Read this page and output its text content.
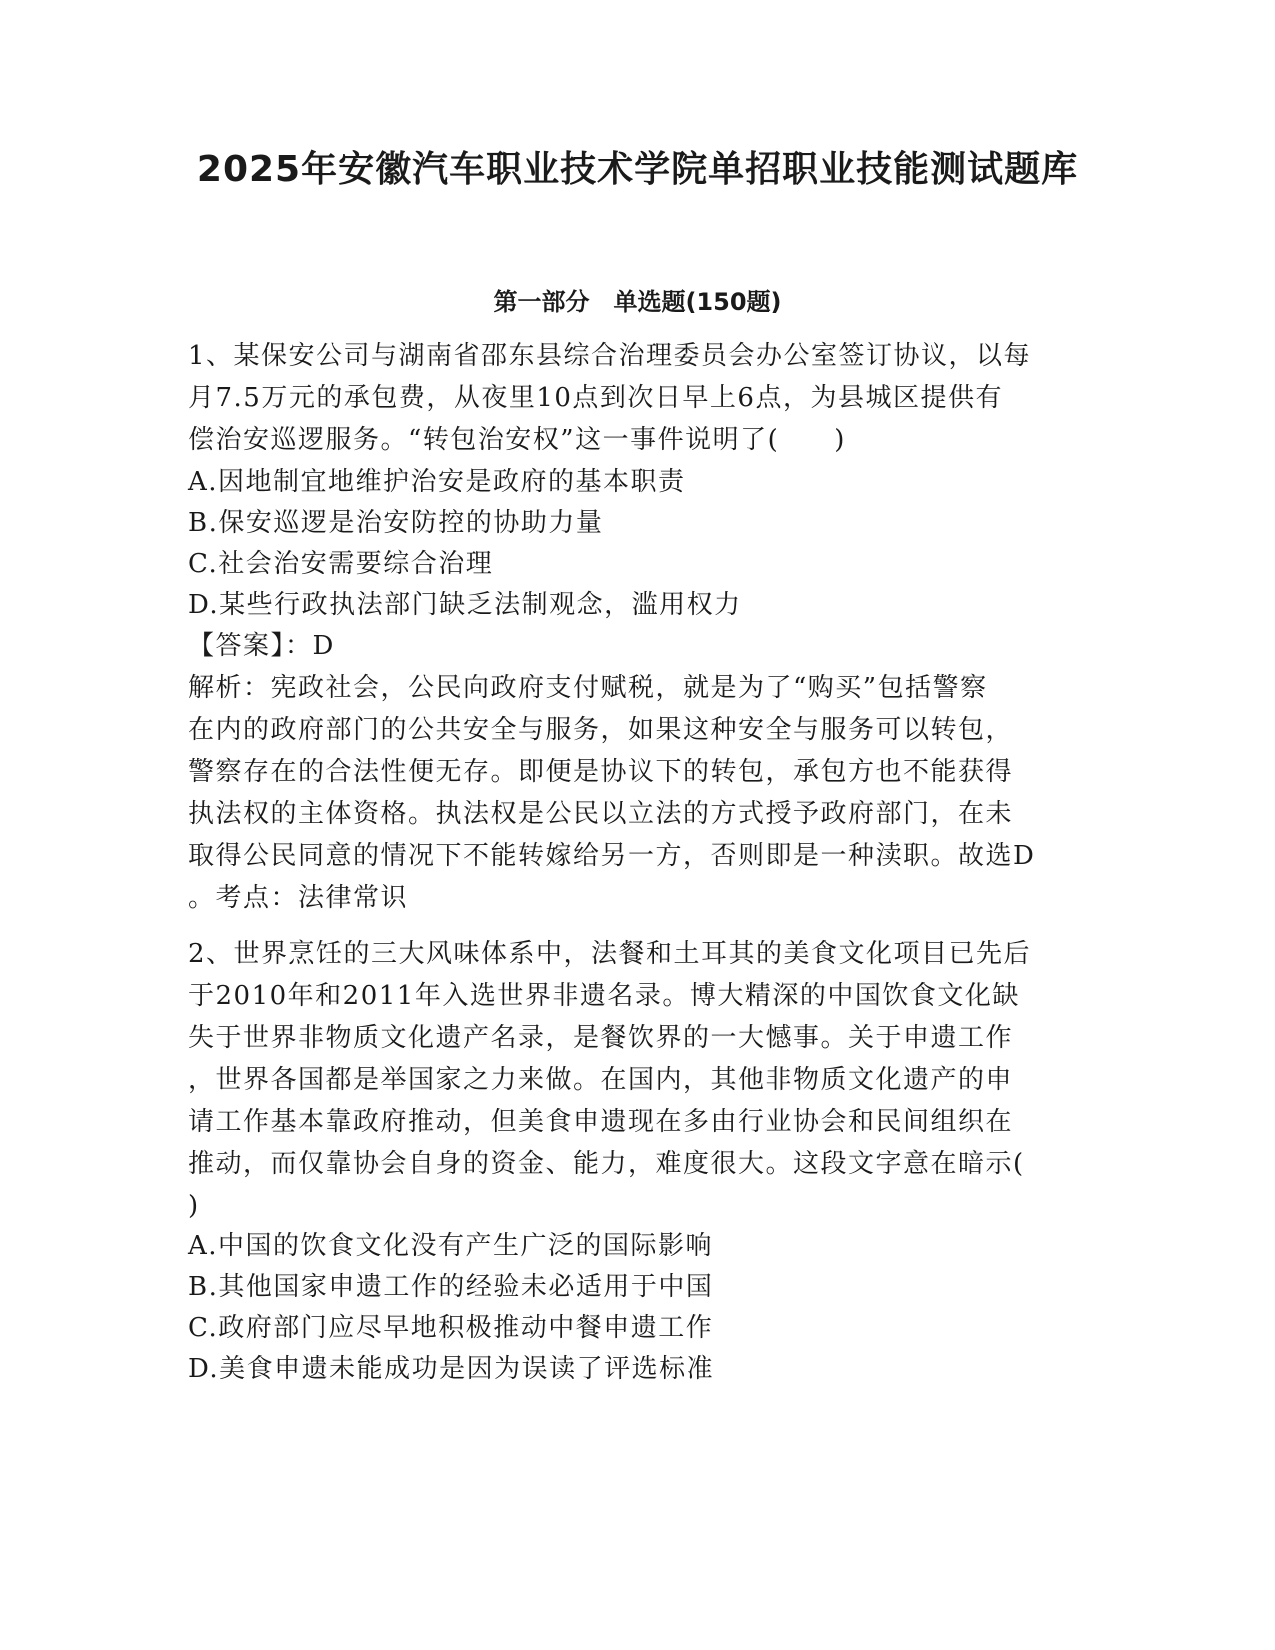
2025年安徽汽车职业技术学院单招职业技能测试题库
第一部分　单选题(150题)
1、某保安公司与湖南省邵东县综合治理委员会办公室签订协议，以每
月7.5万元的承包费，从夜里10点到次日早上6点，为县城区提供有
偿治安巡逻服务。“转包治安权”这一事件说明了(　　)
A.因地制宜地维护治安是政府的基本职责
B.保安巡逻是治安防控的协助力量
C.社会治安需要综合治理
D.某些行政执法部门缺乏法制观念，滥用权力
【答案】：D
解析：宪政社会，公民向政府支付赋税，就是为了“购买”包括警察
在内的政府部门的公共安全与服务，如果这种安全与服务可以转包，
警察存在的合法性便无存。即便是协议下的转包，承包方也不能获得
执法权的主体资格。执法权是公民以立法的方式授予政府部门，在未
取得公民同意的情况下不能转嫁给另一方，否则即是一种渎职。故选D
。考点：法律常识
2、世界烹饪的三大风味体系中，法餐和土耳其的美食文化项目已先后
于2010年和2011年入选世界非遗名录。博大精深的中国饮食文化缺
失于世界非物质文化遗产名录，是餐饮界的一大憾事。关于申遗工作
，世界各国都是举国家之力来做。在国内，其他非物质文化遗产的申
请工作基本靠政府推动，但美食申遗现在多由行业协会和民间组织在
推动，而仅靠协会自身的资金、能力，难度很大。这段文字意在暗示(
)
A.中国的饮食文化没有产生广泛的国际影响
B.其他国家申遗工作的经验未必适用于中国
C.政府部门应尽早地积极推动中餐申遗工作
D.美食申遗未能成功是因为误读了评选标准
